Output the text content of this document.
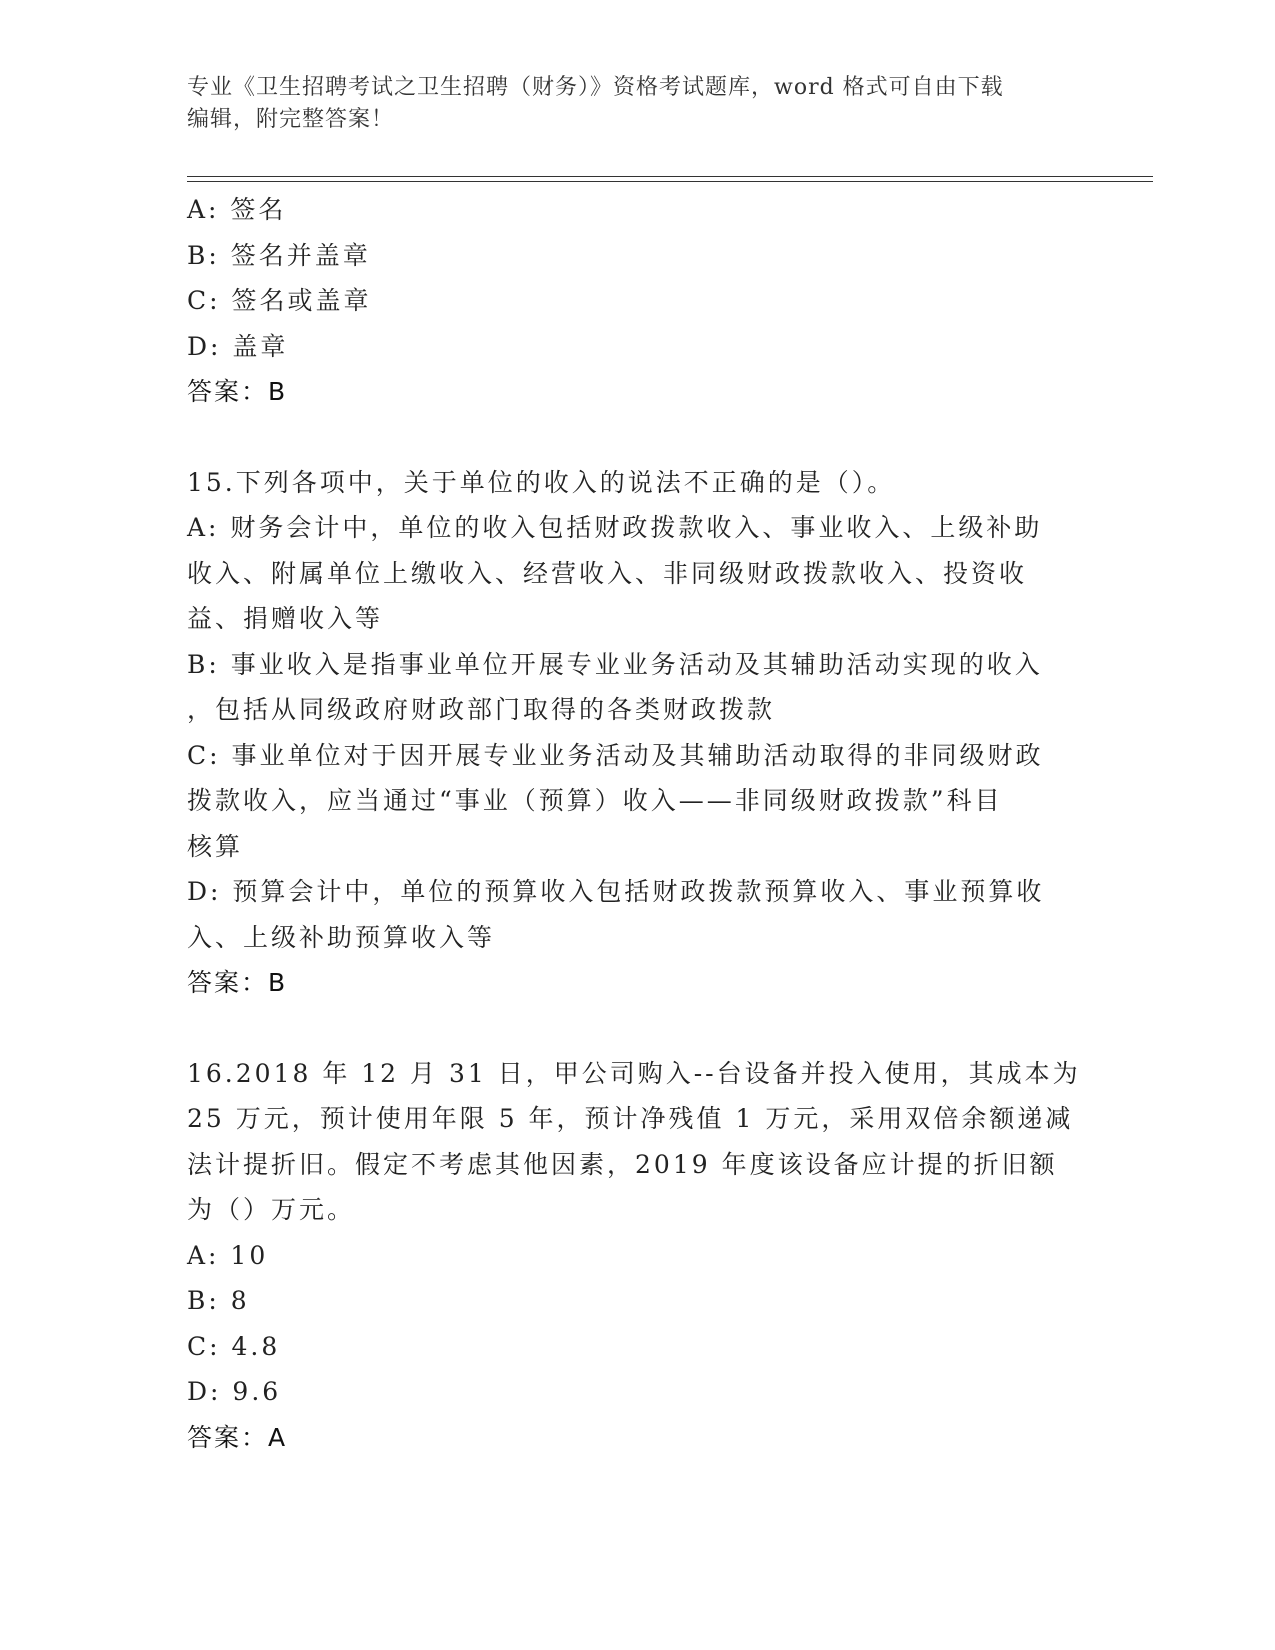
专业《卫生招聘考试之卫生招聘（财务）》资格考试题库，word 格式可自由下载
编辑，附完整答案！
A: 签名
B: 签名并盖章
C: 签名或盖章
D: 盖章
答案：B
15.下列各项中，关于单位的收入的说法不正确的是（）。
A: 财务会计中，单位的收入包括财政拨款收入、事业收入、上级补助
收入、附属单位上缴收入、经营收入、非同级财政拨款收入、投资收
益、捐赠收入等
B: 事业收入是指事业单位开展专业业务活动及其辅助活动实现的收入
，包括从同级政府财政部门取得的各类财政拨款
C: 事业单位对于因开展专业业务活动及其辅助活动取得的非同级财政
拨款收入，应当通过“事业（预算）收入——非同级财政拨款”科目
核算
D: 预算会计中，单位的预算收入包括财政拨款预算收入、事业预算收
入、上级补助预算收入等
答案：B
16.2018 年 12 月 31 日，甲公司购入--台设备并投入使用，其成本为
25 万元，预计使用年限 5 年，预计净残值 1 万元，采用双倍余额递减
法计提折旧。假定不考虑其他因素，2019 年度该设备应计提的折旧额
为（）万元。
A: 10
B: 8
C: 4.8
D: 9.6
答案：A
